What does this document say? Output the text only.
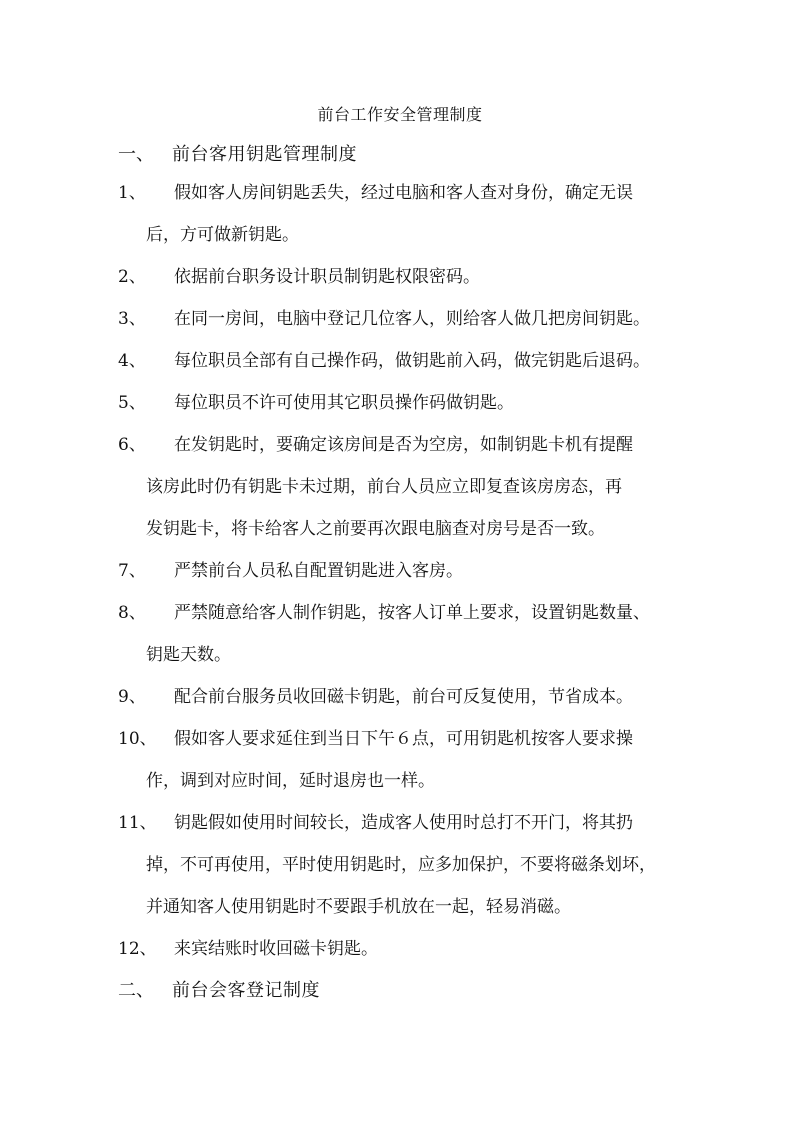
前台工作安全管理制度
一、 前台客用钥匙管理制度
1、	假如客人房间钥匙丢失，经过电脑和客人查对身份，确定无误
后，方可做新钥匙。
2、	依据前台职务设计职员制钥匙权限密码。
3、	在同一房间，电脑中登记几位客人，则给客人做几把房间钥匙。
4、	每位职员全部有自己操作码，做钥匙前入码，做完钥匙后退码。
5、	每位职员不许可使用其它职员操作码做钥匙。
6、	在发钥匙时，要确定该房间是否为空房，如制钥匙卡机有提醒
该房此时仍有钥匙卡未过期，前台人员应立即复查该房房态，再
发钥匙卡，将卡给客人之前要再次跟电脑查对房号是否一致。
7、	严禁前台人员私自配置钥匙进入客房。
8、	严禁随意给客人制作钥匙，按客人订单上要求，设置钥匙数量、
钥匙天数。
9、	配合前台服务员收回磁卡钥匙，前台可反复使用，节省成本。
10、	假如客人要求延住到当日下午６点，可用钥匙机按客人要求操
作，调到对应时间，延时退房也一样。
11、	钥匙假如使用时间较长，造成客人使用时总打不开门，将其扔
掉，不可再使用，平时使用钥匙时，应多加保护，不要将磁条划坏，
并通知客人使用钥匙时不要跟手机放在一起，轻易消磁。
12、	来宾结账时收回磁卡钥匙。
二、 前台会客登记制度
